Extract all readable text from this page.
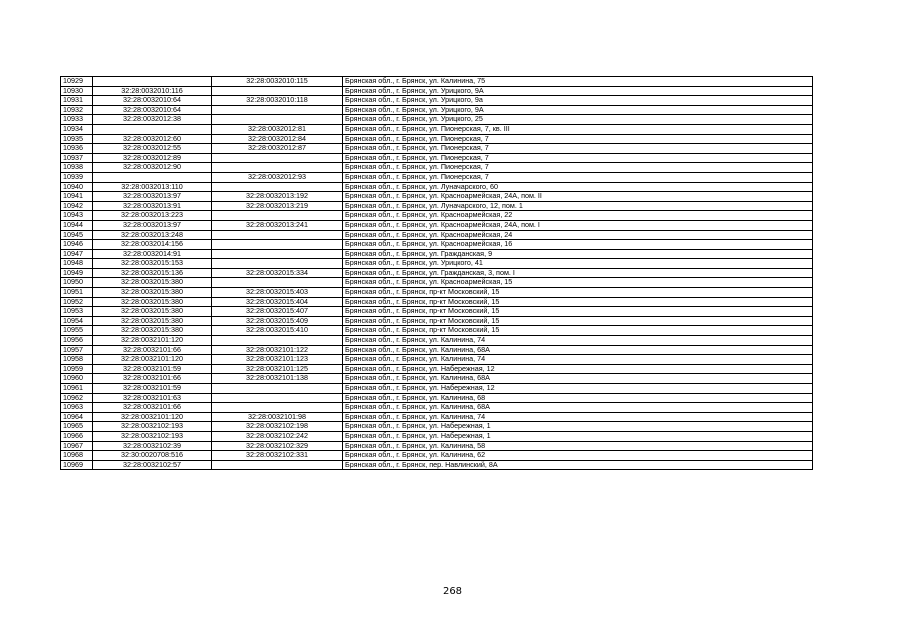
10929		32:28:0032010:115	Брянская обл., г. Брянск, ул. Калинина, 75
10930	32:28:0032010:116		Брянская обл., г. Брянск, ул. Урицкого, 9А
10931	32:28:0032010:64	32:28:0032010:118	Брянская обл., г. Брянск, ул. Урицкого, 9а
10932	32:28:0032010:64		Брянская обл., г. Брянск, ул. Урицкого, 9А
10933	32:28:0032012:38		Брянская обл., г. Брянск, ул. Урицкого, 25
10934		32:28:0032012:81	Брянская обл., г. Брянск, ул. Пионерская, 7, кв. III
10935	32:28:0032012:60	32:28:0032012:84	Брянская обл., г. Брянск, ул. Пионерская, 7
10936	32:28:0032012:55	32:28:0032012:87	Брянская обл., г. Брянск, ул. Пионерская, 7
10937	32:28:0032012:89		Брянская обл., г. Брянск, ул. Пионерская, 7
10938	32:28:0032012:90		Брянская обл., г. Брянск, ул. Пионерская, 7
10939		32:28:0032012:93	Брянская обл., г. Брянск, ул. Пионерская, 7
10940	32:28:0032013:110		Брянская обл., г. Брянск, ул. Луначарского, 60
10941	32:28:0032013:97	32:28:0032013:192	Брянская обл., г. Брянск, ул. Красноармейская, 24А, пом. II
10942	32:28:0032013:91	32:28:0032013:219	Брянская обл., г. Брянск, ул. Луначарского, 12, пом. 1
10943	32:28:0032013:223		Брянская обл., г. Брянск, ул. Красноармейская, 22
10944	32:28:0032013:97	32:28:0032013:241	Брянская обл., г. Брянск, ул. Красноармейская, 24А, пом. I
10945	32:28:0032013:248		Брянская обл., г. Брянск, ул. Красноармейская, 24
10946	32:28:0032014:156		Брянская обл., г. Брянск, ул. Красноармейская, 16
10947	32:28:0032014:91		Брянская обл., г. Брянск, ул. Гражданская, 9
10948	32:28:0032015:153		Брянская обл., г. Брянск, ул. Урицкого, 41
10949	32:28:0032015:136	32:28:0032015:334	Брянская обл., г. Брянск, ул. Гражданская, 3, пом. I
10950	32:28:0032015:380		Брянская обл., г. Брянск, ул. Красноармейская, 15
10951	32:28:0032015:380	32:28:0032015:403	Брянская обл., г. Брянск, пр-кт Московский, 15
10952	32:28:0032015:380	32:28:0032015:404	Брянская обл., г. Брянск, пр-кт Московский, 15
10953	32:28:0032015:380	32:28:0032015:407	Брянская обл., г. Брянск, пр-кт Московский, 15
10954	32:28:0032015:380	32:28:0032015:409	Брянская обл., г. Брянск, пр-кт Московский, 15
10955	32:28:0032015:380	32:28:0032015:410	Брянская обл., г. Брянск, пр-кт Московский, 15
10956	32:28:0032101:120		Брянская обл., г. Брянск, ул. Калинина, 74
10957	32:28:0032101:66	32:28:0032101:122	Брянская обл., г. Брянск, ул. Калинина, 68А
10958	32:28:0032101:120	32:28:0032101:123	Брянская обл., г. Брянск, ул. Калинина, 74
10959	32:28:0032101:59	32:28:0032101:125	Брянская обл., г. Брянск, ул. Набережная, 12
10960	32:28:0032101:66	32:28:0032101:138	Брянская обл., г. Брянск, ул. Калинина, 68А
10961	32:28:0032101:59		Брянская обл., г. Брянск, ул. Набережная, 12
10962	32:28:0032101:63		Брянская обл., г. Брянск, ул. Калинина, 68
10963	32:28:0032101:66		Брянская обл., г. Брянск, ул. Калинина, 68А
10964	32:28:0032101:120	32:28:0032101:98	Брянская обл., г. Брянск, ул. Калинина, 74
10965	32:28:0032102:193	32:28:0032102:198	Брянская обл., г. Брянск, ул. Набережная, 1
10966	32:28:0032102:193	32:28:0032102:242	Брянская обл., г. Брянск, ул. Набережная, 1
10967	32:28:0032102:39	32:28:0032102:329	Брянская обл., г. Брянск, ул. Калинина, 58
10968	32:30:0020708:516	32:28:0032102:331	Брянская обл., г. Брянск, ул. Калинина, 62
10969	32:28:0032102:57		Брянская обл., г. Брянск, пер. Навлинский, 8А
268
